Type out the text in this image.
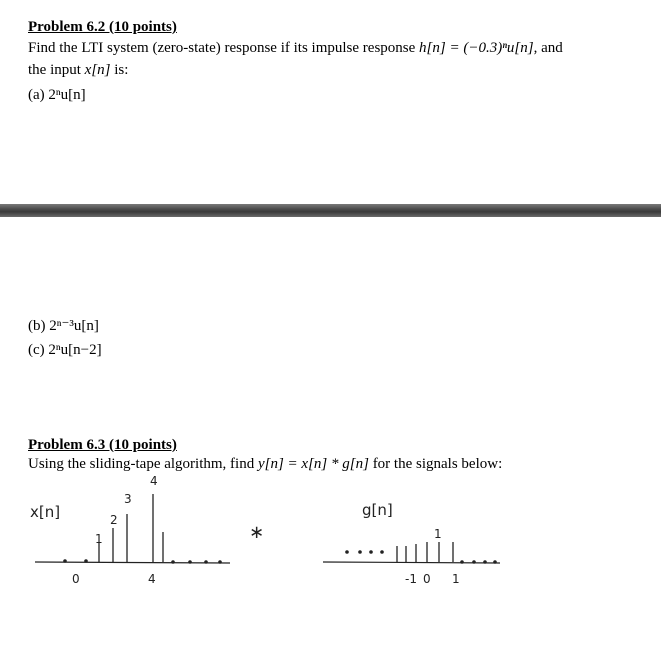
Problem 6.2 (10 points)
Find the LTI system (zero-state) response if its impulse response h[n] = (−0.3)ⁿu[n], and
the input x[n] is:
(a) 2ⁿu[n]
(b) 2ⁿ⁻³u[n]
(c) 2ⁿu[n−2]
Problem 6.3 (10 points)
Using the sliding-tape algorithm, find y[n] = x[n] * g[n] for the signals below:
x[n]
1
2
3
4
0	4
∗
g[n]
1
-1 0 1
